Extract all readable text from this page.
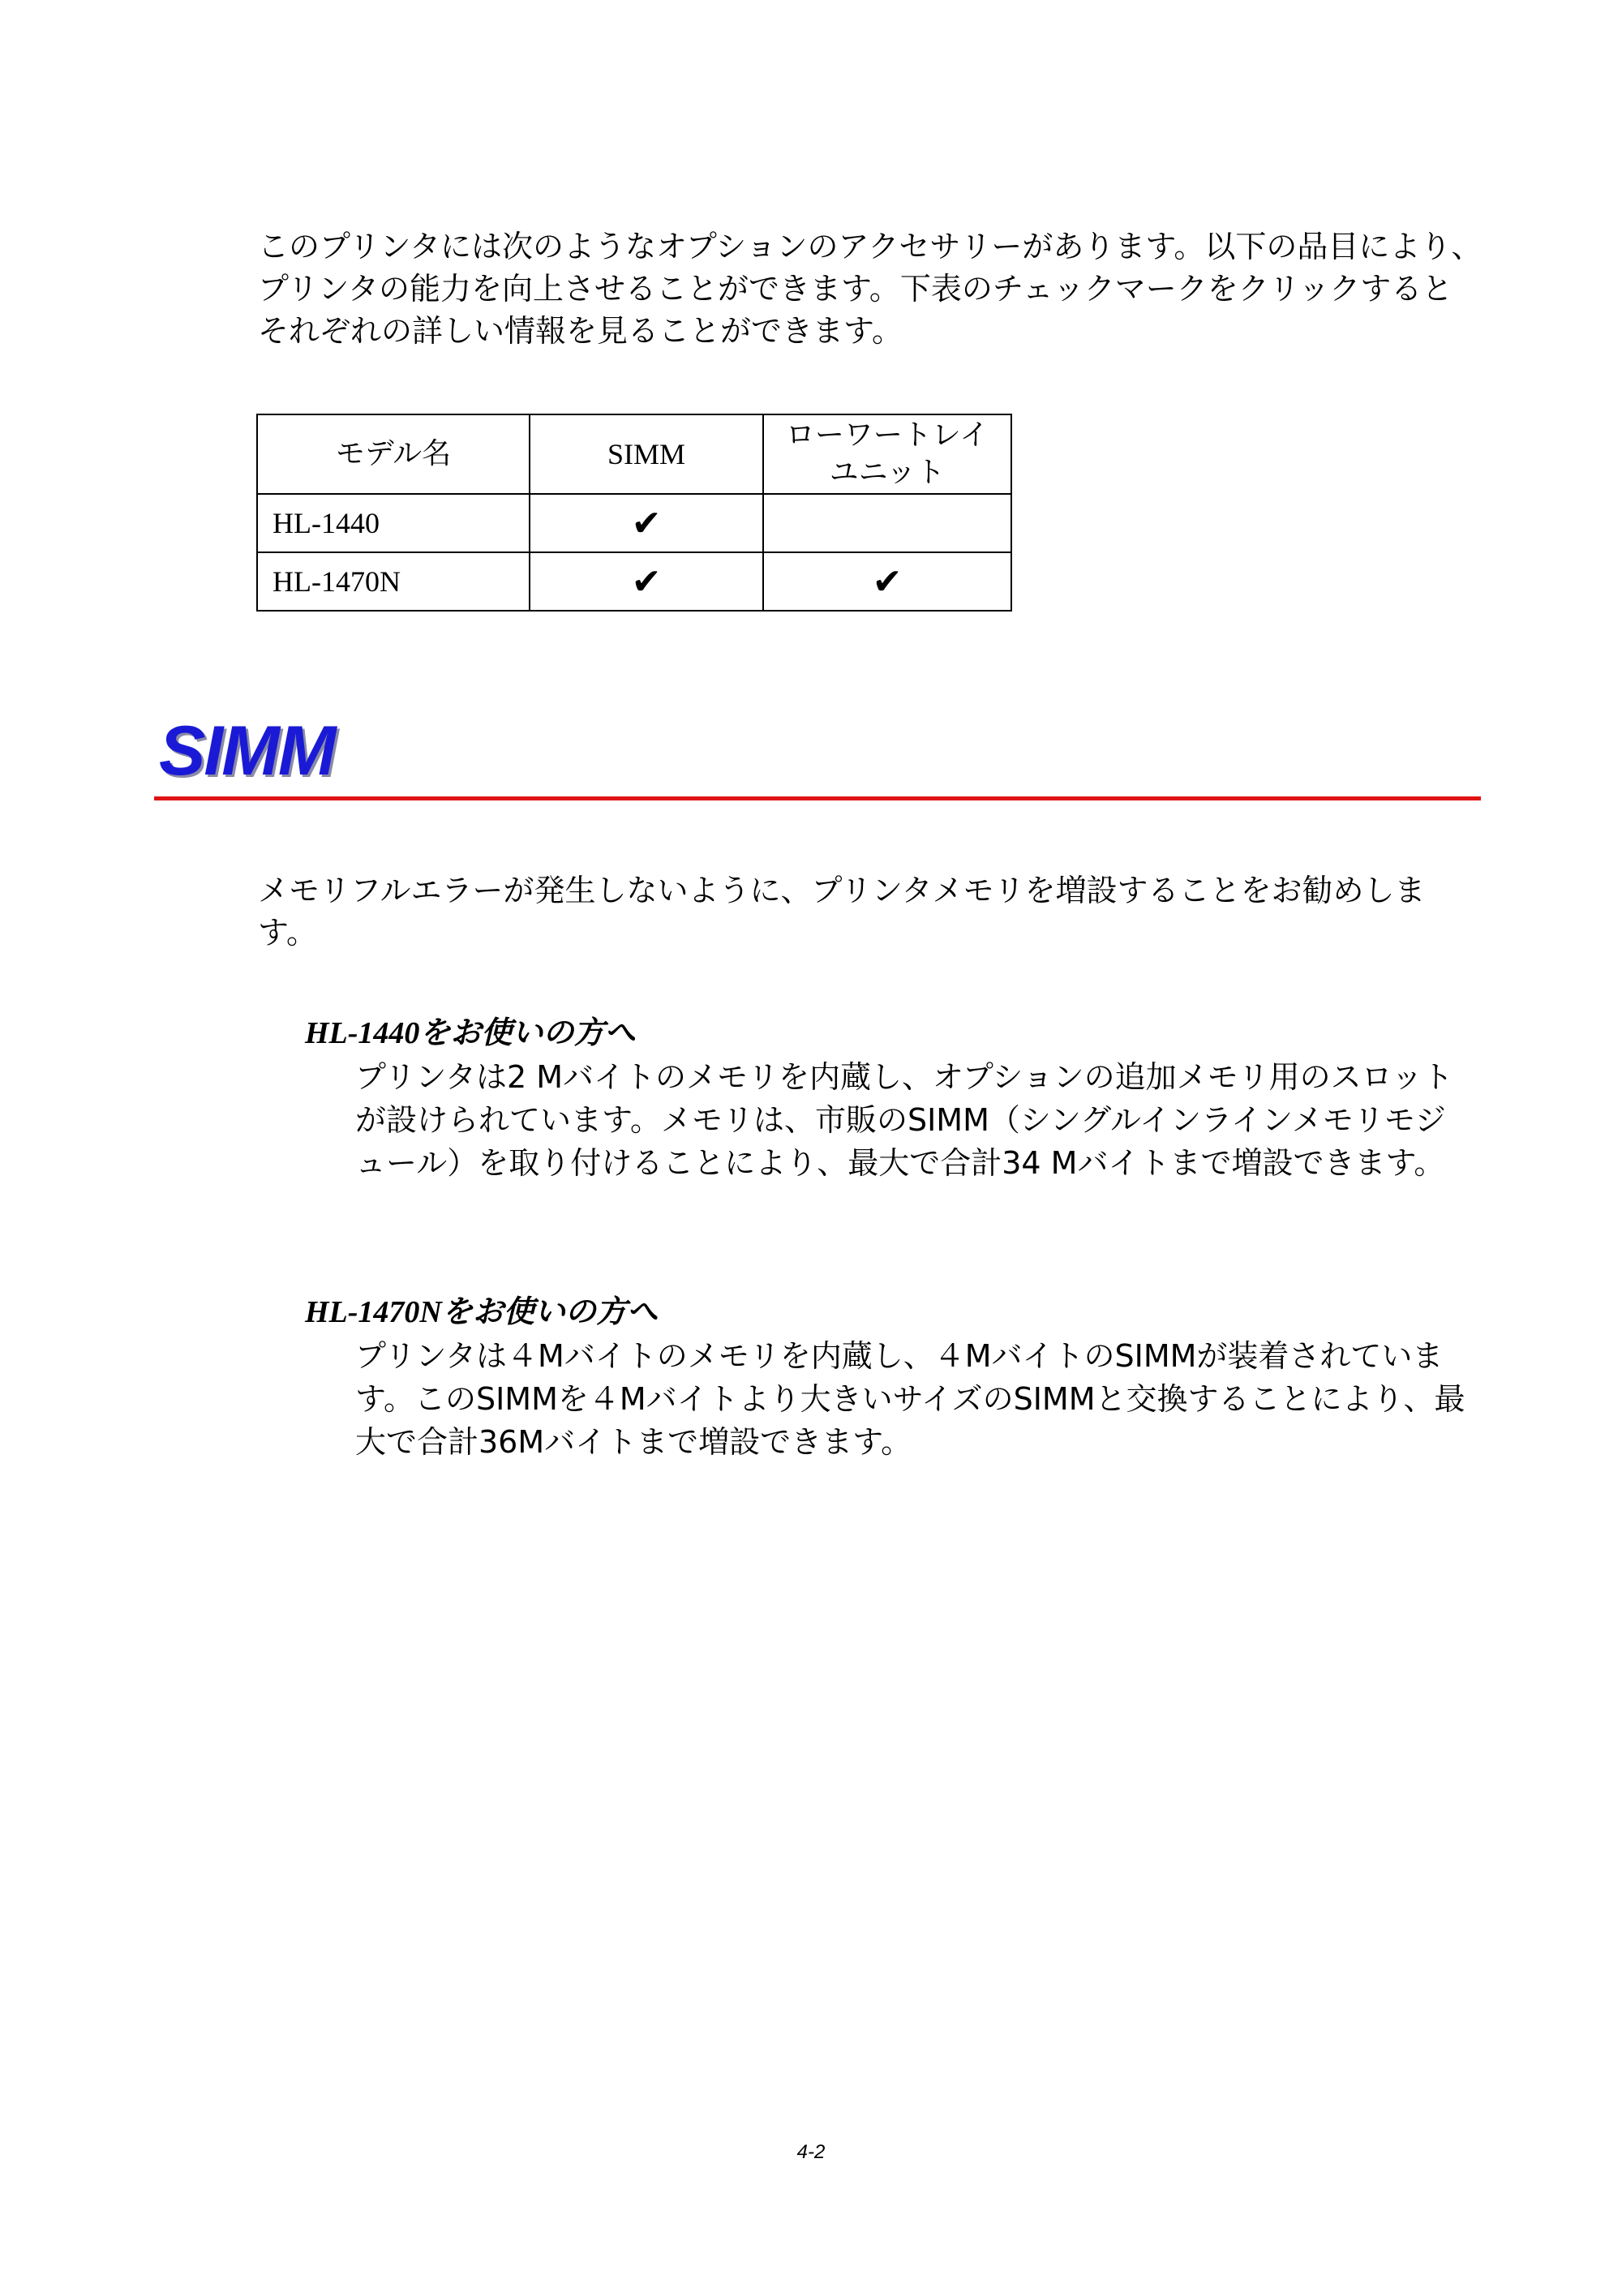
このプリンタには次のようなオプションのアクセサリーがあります。以下の品目により、プリンタの能力を向上させることができます。下表のチェックマークをクリックするとそれぞれの詳しい情報を見ることができます。

モデル名	SIMM	ローワートレイ
ユニット
HL-1440	✔	
HL-1470N	✔	✔
SIMM

メモリフルエラーが発生しないように、プリンタメモリを増設することをお勧めします。

HL-1440をお使いの方へ

プリンタは2 Mバイトのメモリを内蔵し、オプションの追加メモリ用のスロットが設けられています。メモリは、市販のSIMM（シングルインラインメモリモジュール）を取り付けることにより、最大で合計34 Mバイトまで増設できます。

HL-1470Nをお使いの方へ

プリンタは４Mバイトのメモリを内蔵し、４MバイトのSIMMが装着されています。このSIMMを４Mバイトより大きいサイズのSIMMと交換することにより、最大で合計36Mバイトまで増設できます。

4-2
